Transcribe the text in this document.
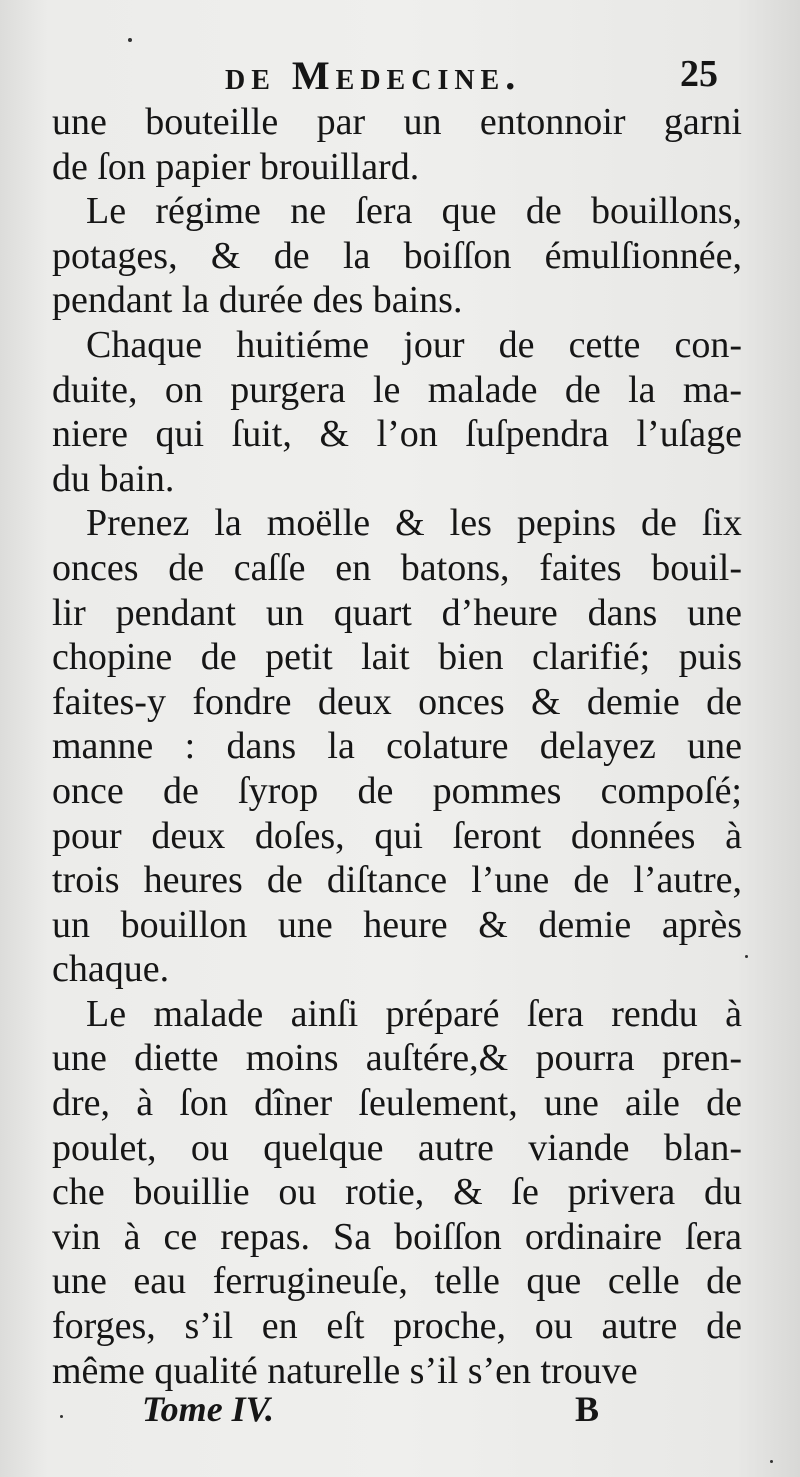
de Medecine.	25
une bouteille par un entonnoir garni
de ſon papier brouillard.
Le régime ne ſera que de bouillons,
potages, & de la boiſſon émulſionnée,
pendant la durée des bains.
Chaque huitiéme jour de cette con-
duite, on purgera le malade de la ma-
niere qui ſuit, & l’on ſuſpendra l’uſage
du bain.
Prenez la moëlle & les pepins de ſix
onces de caſſe en batons, faites bouil-
lir pendant un quart d’heure dans une
chopine de petit lait bien clarifié; puis
faites-y fondre deux onces & demie de
manne : dans la colature delayez une
once de ſyrop de pommes compoſé;
pour deux doſes, qui ſeront données à
trois heures de diſtance l’une de l’autre,
un bouillon une heure & demie après
chaque.
Le malade ainſi préparé ſera rendu à
une diette moins auſtére,& pourra pren-
dre, à ſon dîner ſeulement, une aile de
poulet, ou quelque autre viande blan-
che bouillie ou rotie, & ſe privera du
vin à ce repas. Sa boiſſon ordinaire ſera
une eau ferrugineuſe, telle que celle de
forges, s’il en eſt proche, ou autre de
même qualité naturelle s’il s’en trouve
Tome IV.	B
